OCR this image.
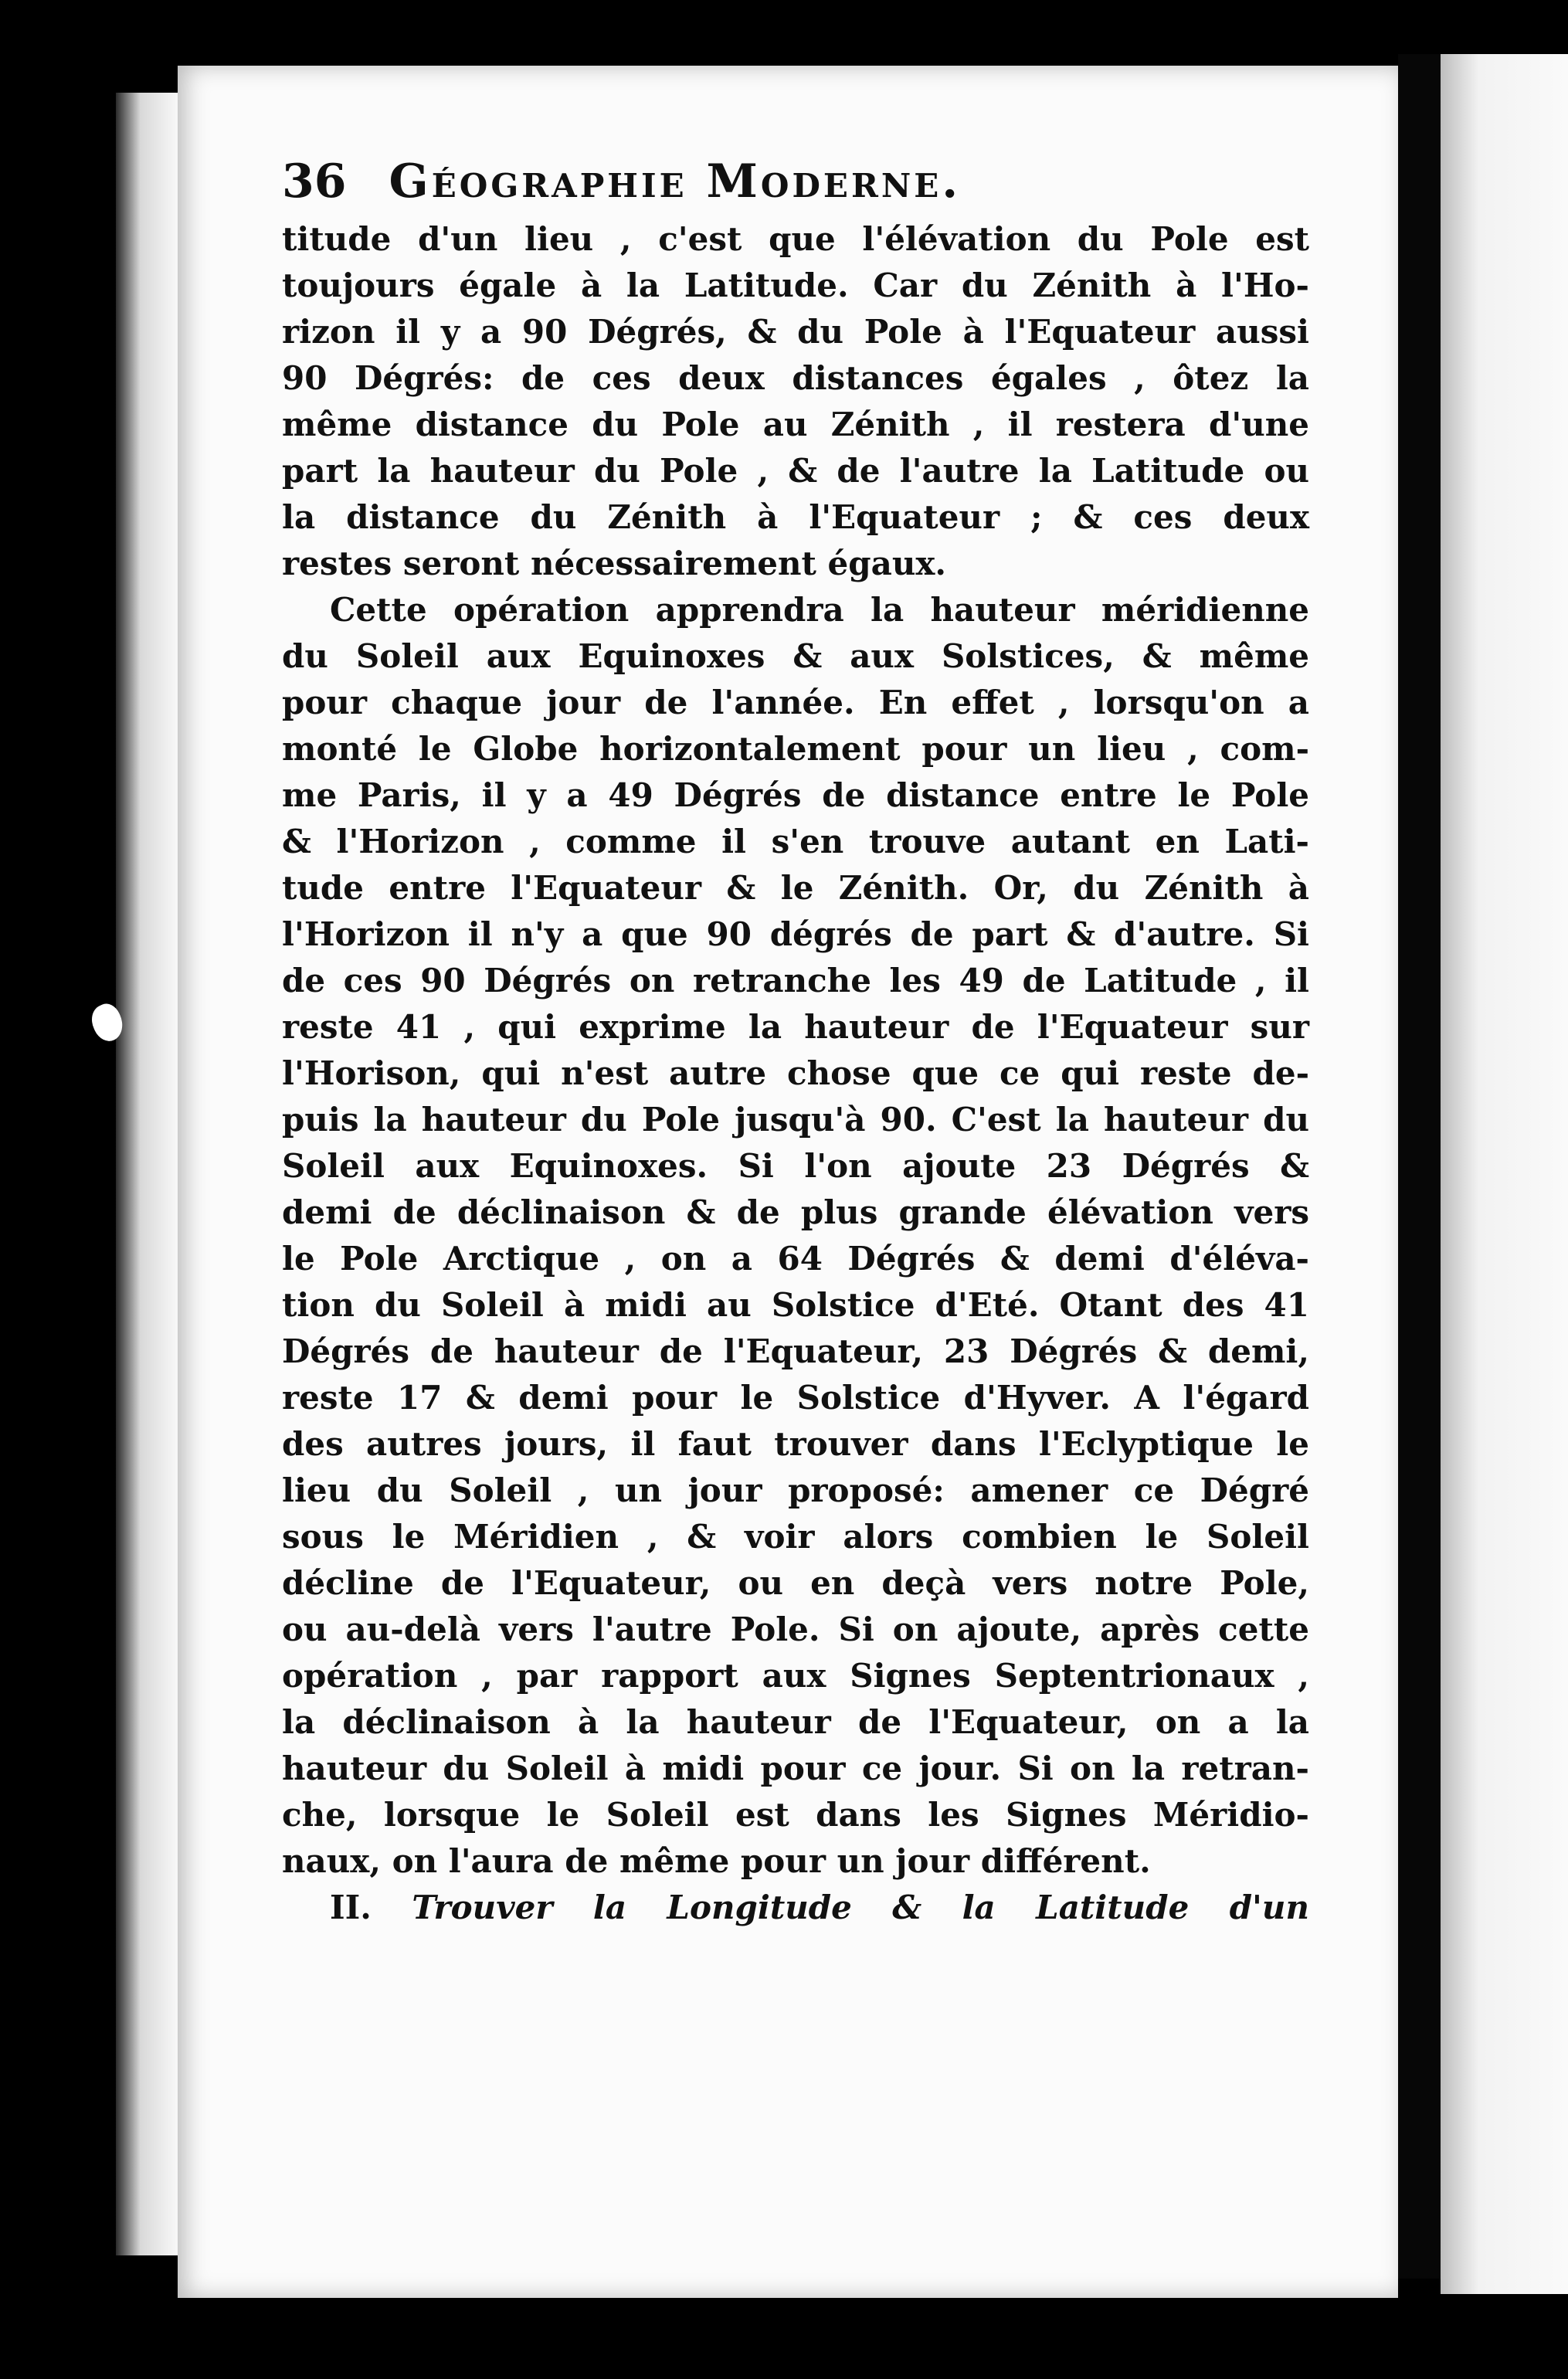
36 Géographie Moderne.
titude d'un lieu , c'est que l'élévation du Pole est
toujours égale à la Latitude. Car du Zénith à l'Ho-
rizon il y a 90 Dégrés, & du Pole à l'Equateur aussi
90 Dégrés: de ces deux distances égales , ôtez la
même distance du Pole au Zénith , il restera d'une
part la hauteur du Pole , & de l'autre la Latitude ou
la distance du Zénith à l'Equateur ; & ces deux
restes seront nécessairement égaux.
Cette opération apprendra la hauteur méridienne
du Soleil aux Equinoxes & aux Solstices, & même
pour chaque jour de l'année. En effet , lorsqu'on a
monté le Globe horizontalement pour un lieu , com-
me Paris, il y a 49 Dégrés de distance entre le Pole
& l'Horizon , comme il s'en trouve autant en Lati-
tude entre l'Equateur & le Zénith. Or, du Zénith à
l'Horizon il n'y a que 90 dégrés de part & d'autre. Si
de ces 90 Dégrés on retranche les 49 de Latitude , il
reste 41 , qui exprime la hauteur de l'Equateur sur
l'Horison, qui n'est autre chose que ce qui reste de-
puis la hauteur du Pole jusqu'à 90. C'est la hauteur du
Soleil aux Equinoxes. Si l'on ajoute 23 Dégrés &
demi de déclinaison & de plus grande élévation vers
le Pole Arctique , on a 64 Dégrés & demi d'éléva-
tion du Soleil à midi au Solstice d'Eté. Otant des 41
Dégrés de hauteur de l'Equateur, 23 Dégrés & demi,
reste 17 & demi pour le Solstice d'Hyver. A l'égard
des autres jours, il faut trouver dans l'Eclyptique le
lieu du Soleil , un jour proposé: amener ce Dégré
sous le Méridien , & voir alors combien le Soleil
décline de l'Equateur, ou en deçà vers notre Pole,
ou au-delà vers l'autre Pole. Si on ajoute, après cette
opération , par rapport aux Signes Septentrionaux ,
la déclinaison à la hauteur de l'Equateur, on a la
hauteur du Soleil à midi pour ce jour. Si on la retran-
che, lorsque le Soleil est dans les Signes Méridio-
naux, on l'aura de même pour un jour différent.
II. Trouver la Longitude & la Latitude d'un
